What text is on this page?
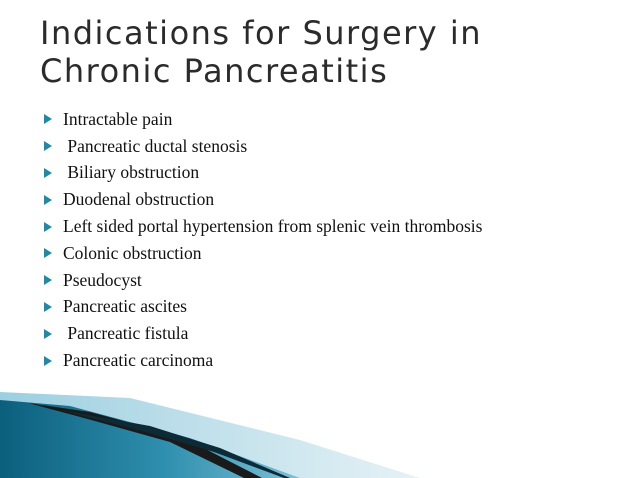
Indications for Surgery in Chronic Pancreatitis
Intractable pain
Pancreatic ductal stenosis
Biliary obstruction
Duodenal obstruction
Left sided portal hypertension from splenic vein thrombosis
Colonic obstruction
Pseudocyst
Pancreatic ascites
Pancreatic fistula
Pancreatic carcinoma
